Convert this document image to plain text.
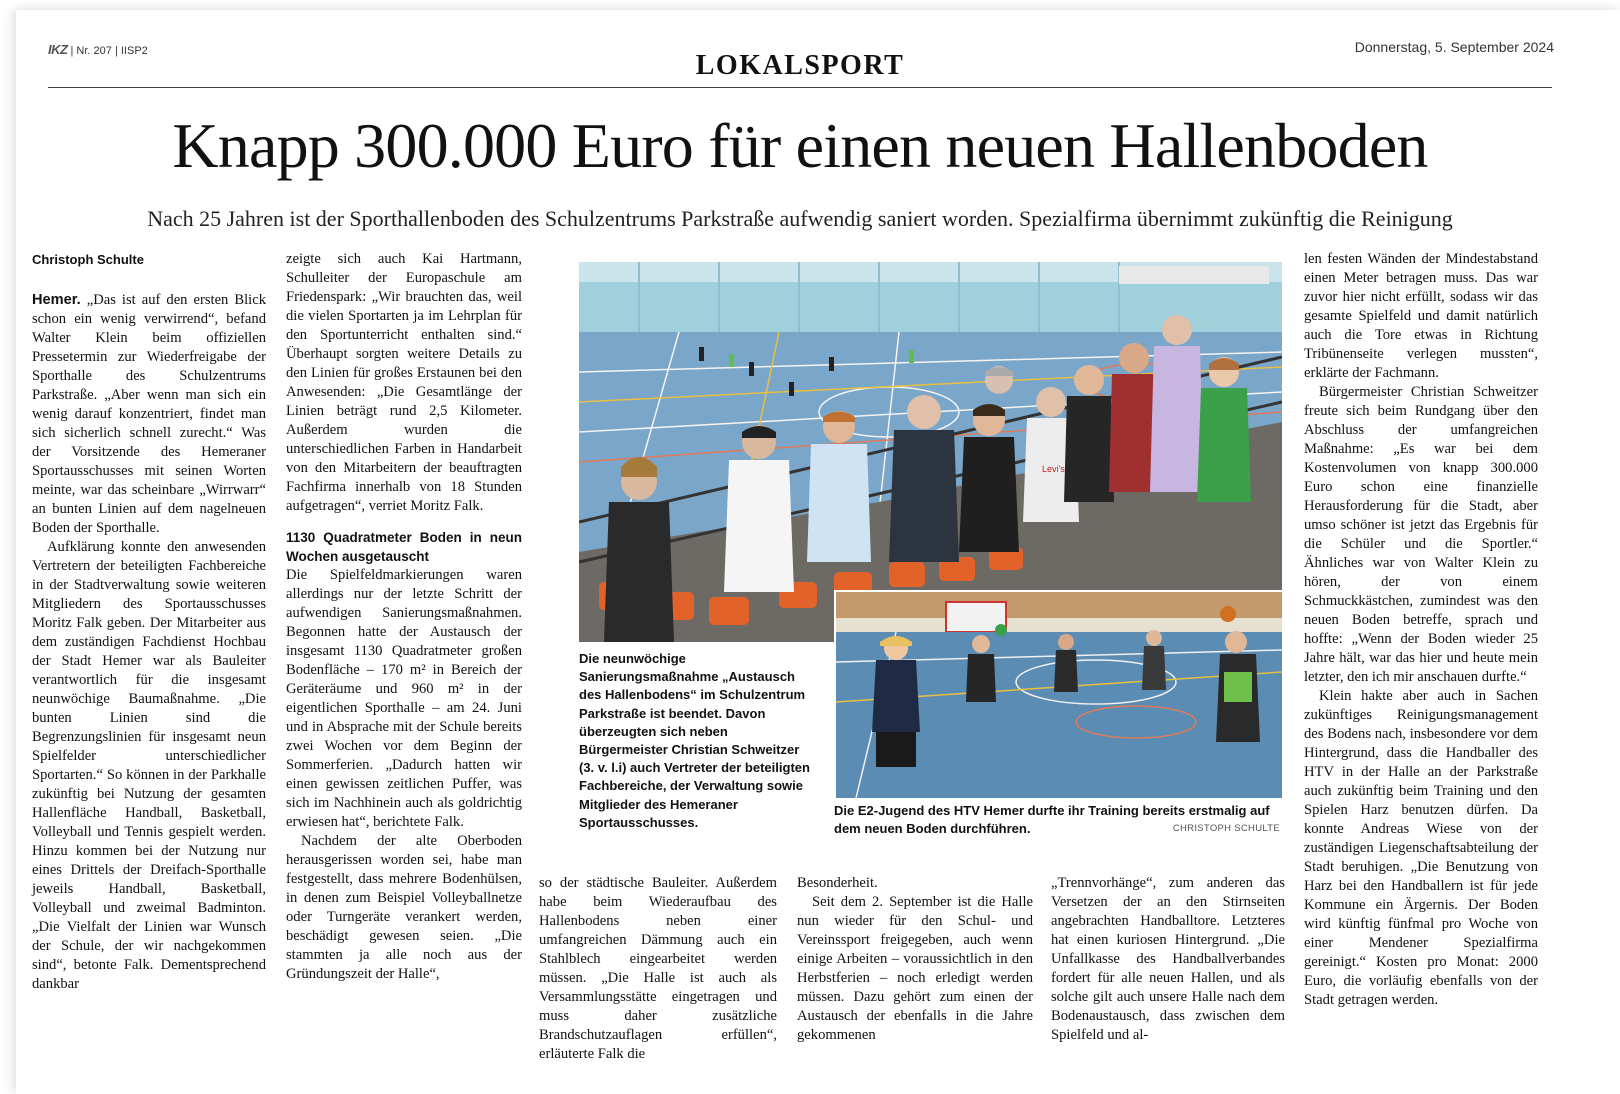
IKZ | Nr. 207 | IISP2	Donnerstag, 5. September 2024
LOKALSPORT
Knapp 300.000 Euro für einen neuen Hallenboden
Nach 25 Jahren ist der Sporthallenboden des Schulzentrums Parkstraße aufwendig saniert worden. Spezialfirma übernimmt zukünftig die Reinigung
Christoph Schulte

Hemer. „Das ist auf den ersten Blick schon ein wenig verwirrend“, befand Walter Klein beim offiziellen Pressetermin zur Wiederfreigabe der Sporthalle des Schulzentrums Parkstraße. „Aber wenn man sich ein wenig darauf konzentriert, findet man sich sicherlich schnell zurecht.“ Was der Vorsitzende des Hemeraner Sportausschusses mit seinen Worten meinte, war das scheinbare „Wirrwarr“ an bunten Linien auf dem nagelneuen Boden der Sporthalle.

Aufklärung konnte den anwesenden Vertretern der beteiligten Fachbereiche in der Stadtverwaltung sowie weiteren Mitgliedern des Sportausschusses Moritz Falk geben. Der Mitarbeiter aus dem zuständigen Fachdienst Hochbau der Stadt Hemer war als Bauleiter verantwortlich für die insgesamt neunwöchige Baumaßnahme. „Die bunten Linien sind die Begrenzungslinien für insgesamt neun Spielfelder unterschiedlicher Sportarten.“ So können in der Parkhalle zukünftig bei Nutzung der gesamten Hallenfläche Handball, Basketball, Volleyball und Tennis gespielt werden. Hinzu kommen bei der Nutzung nur eines Drittels der Dreifach-Sporthalle jeweils Handball, Basketball, Volleyball und zweimal Badminton. „Die Vielfalt der Linien war Wunsch der Schule, der wir nachgekommen sind“, betonte Falk. Dementsprechend dankbar

zeigte sich auch Kai Hartmann, Schulleiter der Europaschule am Friedenspark: „Wir brauchten das, weil die vielen Sportarten ja im Lehrplan für den Sportunterricht enthalten sind.“ Überhaupt sorgten weitere Details zu den Linien für großes Erstaunen bei den Anwesenden: „Die Gesamtlänge der Linien beträgt rund 2,5 Kilometer. Außerdem wurden die unterschiedlichen Farben in Handarbeit von den Mitarbeitern der beauftragten Fachfirma innerhalb von 18 Stunden aufgetragen“, verriet Moritz Falk.

1130 Quadratmeter Boden in neun Wochen ausgetauscht

Die Spielfeldmarkierungen waren allerdings nur der letzte Schritt der aufwendigen Sanierungsmaßnahmen. Begonnen hatte der Austausch der insgesamt 1130 Quadratmeter großen Bodenfläche – 170 m² in Bereich der Geräteräume und 960 m² in der eigentlichen Sporthalle – am 24. Juni und in Absprache mit der Schule bereits zwei Wochen vor dem Beginn der Sommerferien. „Dadurch hatten wir einen gewissen zeitlichen Puffer, was sich im Nachhinein auch als goldrichtig erwiesen hat“, berichtete Falk.

Nachdem der alte Oberboden herausgerissen worden sei, habe man festgestellt, dass mehrere Bodenhülsen, in denen zum Beispiel Volleyballnetze oder Turngeräte verankert werden, beschädigt gewesen seien. „Die stammten ja alle noch aus der Gründungszeit der Halle“,

Levi's
Die neunwöchige Sanierungsmaßnahme „Austausch des Hallenbodens“ im Schulzentrum Parkstraße ist beendet. Davon überzeugten sich neben Bürgermeister Christian Schweitzer (3. v. l.i) auch Vertreter der beteiligten Fachbereiche, der Verwaltung sowie Mitglieder des Hemeraner Sportausschusses.
Die E2-Jugend des HTV Hemer durfte ihr Training bereits erstmalig auf dem neuen Boden durchführen.	CHRISTOPH SCHULTE

so der städtische Bauleiter. Außerdem habe beim Wiederaufbau des Hallenbodens neben einer umfangreichen Dämmung auch ein Stahlblech eingearbeitet werden müssen. „Die Halle ist auch als Versammlungsstätte eingetragen und muss daher zusätzliche Brandschutzauflagen erfüllen“, erläuterte Falk die

Besonderheit.

Seit dem 2. September ist die Halle nun wieder für den Schul- und Vereinssport freigegeben, auch wenn einige Arbeiten – voraussichtlich in den Herbstferien – noch erledigt werden müssen. Dazu gehört zum einen der Austausch der ebenfalls in die Jahre gekommenen

„Trennvorhänge“, zum anderen das Versetzen der an den Stirnseiten angebrachten Handballtore. Letzteres hat einen kuriosen Hintergrund. „Die Unfallkasse des Handballverbandes fordert für alle neuen Hallen, und als solche gilt auch unsere Halle nach dem Bodenaustausch, dass zwischen dem Spielfeld und al-

len festen Wänden der Mindestabstand einen Meter betragen muss. Das war zuvor hier nicht erfüllt, sodass wir das gesamte Spielfeld und damit natürlich auch die Tore etwas in Richtung Tribünenseite verlegen mussten“, erklärte der Fachmann.

Bürgermeister Christian Schweitzer freute sich beim Rundgang über den Abschluss der umfangreichen Maßnahme: „Es war bei dem Kostenvolumen von knapp 300.000 Euro schon eine finanzielle Herausforderung für die Stadt, aber umso schöner ist jetzt das Ergebnis für die Schüler und die Sportler.“ Ähnliches war von Walter Klein zu hören, der von einem Schmuckkästchen, zumindest was den neuen Boden betreffe, sprach und hoffte: „Wenn der Boden wieder 25 Jahre hält, war das hier und heute mein letzter, den ich mir anschauen durfte.“

Klein hakte aber auch in Sachen zukünftiges Reinigungsmanagement des Bodens nach, insbesondere vor dem Hintergrund, dass die Handballer des HTV in der Halle an der Parkstraße auch zukünftig beim Training und den Spielen Harz benutzen dürfen. Da konnte Andreas Wiese von der zuständigen Liegenschaftsabteilung der Stadt beruhigen. „Die Benutzung von Harz bei den Handballern ist für jede Kommune ein Ärgernis. Der Boden wird künftig fünfmal pro Woche von einer Mendener Spezialfirma gereinigt.“ Kosten pro Monat: 2000 Euro, die vorläufig ebenfalls von der Stadt getragen werden.
